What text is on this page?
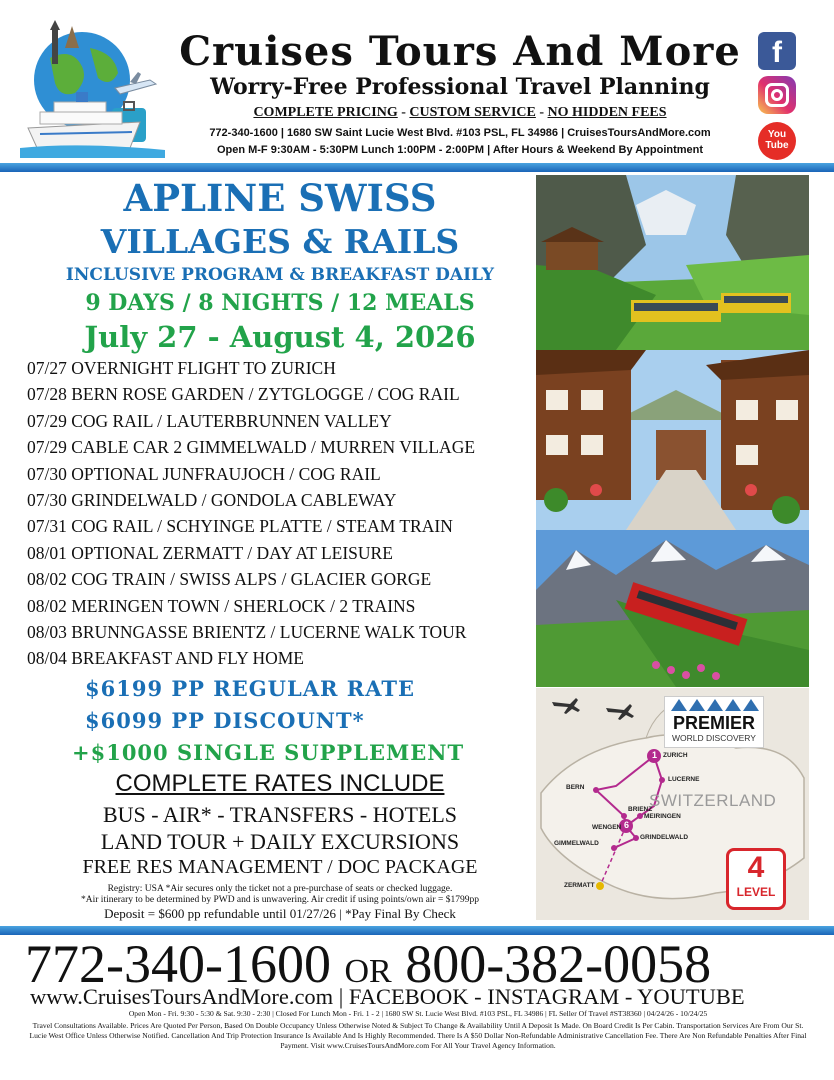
Cruises Tours And More
Worry-Free Professional Travel Planning
COMPLETE PRICING - CUSTOM SERVICE - NO HIDDEN FEES
772-340-1600 | 1680 SW Saint Lucie West Blvd. #103 PSL, FL 34986 | CruisesToursAndMore.com
Open M-F 9:30AM - 5:30PM Lunch 1:00PM - 2:00PM | After Hours & Weekend By Appointment
f
You
Tube
APLINE SWISS
VILLAGES & RAILS
INCLUSIVE PROGRAM & BREAKFAST DAILY
9 DAYS / 8 NIGHTS / 12 MEALS
July 27 - August 4, 2026
07/27 OVERNIGHT FLIGHT TO ZURICH
07/28 BERN ROSE GARDEN / ZYTGLOGGE / COG RAIL
07/29 COG RAIL / LAUTERBRUNNEN VALLEY
07/29 CABLE CAR 2 GIMMELWALD / MURREN VILLAGE
07/30 OPTIONAL JUNFRAUJOCH / COG RAIL
07/30 GRINDELWALD / GONDOLA CABLEWAY
07/31 COG RAIL / SCHYINGE PLATTE / STEAM TRAIN
08/01 OPTIONAL ZERMATT / DAY AT LEISURE
08/02 COG TRAIN / SWISS ALPS / GLACIER GORGE
08/02 MERINGEN TOWN / SHERLOCK / 2 TRAINS
08/03 BRUNNGASSE BRIENTZ / LUCERNE WALK TOUR
08/04 BREAKFAST AND FLY HOME
$6199 PP REGULAR RATE
$6099 PP DISCOUNT*
+$1000 SINGLE SUPPLEMENT
COMPLETE RATES INCLUDE
BUS - AIR* - TRANSFERS - HOTELS
LAND TOUR + DAILY EXCURSIONS
FREE RES MANAGEMENT / DOC PACKAGE
Registry: USA *Air secures only the ticket not a pre-purchase of seats or checked luggage.
*Air itinerary to be determined by PWD and is unwavering. Air credit if using points/own air = $1799pp
Deposit = $600 pp refundable until 01/27/26 | *Pay Final By Check
PREMIER
WORLD DISCOVERY
SWITZERLAND
1
6
ZURICH
LUCERNE
BERN
BRIENZ
MEIRINGEN
WENGEN
GIMMELWALD
GRINDELWALD
ZERMATT
4
LEVEL
772-340-1600 OR 800-382-0058
www.CruisesToursAndMore.com | FACEBOOK - INSTAGRAM - YOUTUBE
Open Mon - Fri. 9:30 - 5:30 & Sat. 9:30 - 2:30 | Closed For Lunch Mon - Fri. 1 - 2 | 1680 SW St. Lucie West Blvd. #103 PSL, FL 34986 | FL Seller Of Travel #ST38360 | 04/24/26 - 10/24/25
Travel Consultations Available. Prices Are Quoted Per Person, Based On Double Occupancy Unless Otherwise Noted & Subject To Change & Availability Until A Deposit Is Made. On Board Credit Is Per Cabin. Transportation Services Are From Our St. Lucie West Office Unless Otherwise Notified. Cancellation And Trip Protection Insurance Is Available And Is Highly Recommended. There Is A $50 Dollar Non-Refundable Administrative Cancellation Fee. There Are Non Refundable Penalties After Final Payment. Visit www.CruisesToursAndMore.com For All Your Travel Agency Information.
